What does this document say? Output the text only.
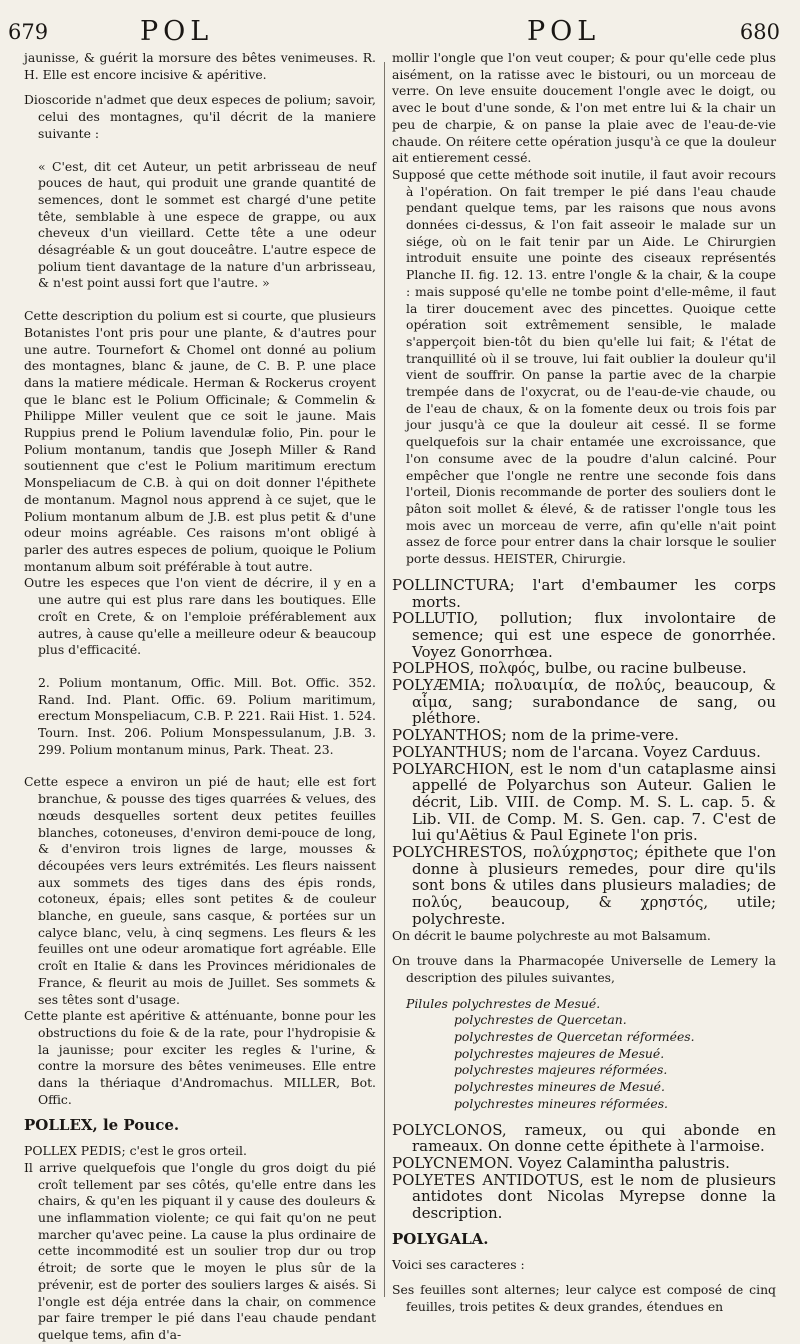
679	POL	POL	680

jaunisse, & guérit la morsure des bêtes venimeuses. R. H. Elle est encore incisive & apéritive.

Dioscoride n'admet que deux especes de polium; savoir, celui des montagnes, qu'il décrit de la maniere suivante :

« C'est, dit cet Auteur, un petit arbrisseau de neuf pouces de haut, qui produit une grande quantité de semences, dont le sommet est chargé d'une petite tête, semblable à une espece de grappe, ou aux cheveux d'un vieillard. Cette tête a une odeur désagréable & un gout douceâtre. L'autre espece de polium tient davantage de la nature d'un arbrisseau, & n'est point aussi fort que l'autre. »

Cette description du polium est si courte, que plusieurs Botanistes l'ont pris pour une plante, & d'autres pour une autre. Tournefort & Chomel ont donné au polium des montagnes, blanc & jaune, de C. B. P. une place dans la matiere médicale. Herman & Rockerus croyent que le blanc est le Polium Officinale; & Commelin & Philippe Miller veulent que ce soit le jaune. Mais Ruppius prend le Polium lavendulæ folio, Pin. pour le Polium montanum, tandis que Joseph Miller & Rand soutiennent que c'est le Polium maritimum erectum Monspeliacum de C.B. à qui on doit donner l'épithete de montanum. Magnol nous apprend à ce sujet, que le Polium montanum album de J.B. est plus petit & d'une odeur moins agréable. Ces raisons m'ont obligé à parler des autres especes de polium, quoique le Polium montanum album soit préférable à tout autre.

Outre les especes que l'on vient de décrire, il y en a une autre qui est plus rare dans les boutiques. Elle croît en Crete, & on l'emploie préférablement aux autres, à cause qu'elle a meilleure odeur & beaucoup plus d'efficacité.

2. Polium montanum, Offic. Mill. Bot. Offic. 352. Rand. Ind. Plant. Offic. 69. Polium maritimum, erectum Monspeliacum, C.B. P. 221. Raii Hist. 1. 524. Tourn. Inst. 206. Polium Monspessulanum, J.B. 3. 299. Polium montanum minus, Park. Theat. 23.

Cette espece a environ un pié de haut; elle est fort branchue, & pousse des tiges quarrées & velues, des nœuds desquelles sortent deux petites feuilles blanches, cotoneuses, d'environ demi-pouce de long, & d'environ trois lignes de large, mousses & découpées vers leurs extrémités. Les fleurs naissent aux sommets des tiges dans des épis ronds, cotoneux, épais; elles sont petites & de couleur blanche, en gueule, sans casque, & portées sur un calyce blanc, velu, à cinq segmens. Les fleurs & les feuilles ont une odeur aromatique fort agréable. Elle croît en Italie & dans les Provinces méridionales de France, & fleurit au mois de Juillet. Ses sommets & ses têtes sont d'usage.

Cette plante est apéritive & atténuante, bonne pour les obstructions du foie & de la rate, pour l'hydropisie & la jaunisse; pour exciter les regles & l'urine, & contre la morsure des bêtes venimeuses. Elle entre dans la thériaque d'Andromachus. MILLER, Bot. Offic.

POLLEX, le Pouce.

POLLEX PEDIS; c'est le gros orteil.

Il arrive quelquefois que l'ongle du gros doigt du pié croît tellement par ses côtés, qu'elle entre dans les chairs, & qu'en les piquant il y cause des douleurs & une inflammation violente; ce qui fait qu'on ne peut marcher qu'avec peine. La cause la plus ordinaire de cette incommodité est un soulier trop dur ou trop étroit; de sorte que le moyen le plus sûr de la prévenir, est de porter des souliers larges & aisés. Si l'ongle est déja entrée dans la chair, on commence par faire tremper le pié dans l'eau chaude pendant quelque tems, afin d'a-

mollir l'ongle que l'on veut couper; & pour qu'elle cede plus aisément, on la ratisse avec le bistouri, ou un morceau de verre. On leve ensuite doucement l'ongle avec le doigt, ou avec le bout d'une sonde, & l'on met entre lui & la chair un peu de charpie, & on panse la plaie avec de l'eau-de-vie chaude. On réitere cette opération jusqu'à ce que la douleur ait entierement cessé.

Supposé que cette méthode soit inutile, il faut avoir recours à l'opération. On fait tremper le pié dans l'eau chaude pendant quelque tems, par les raisons que nous avons données ci-dessus, & l'on fait asseoir le malade sur un siége, où on le fait tenir par un Aide. Le Chirurgien introduit ensuite une pointe des ciseaux représentés Planche II. fig. 12. 13. entre l'ongle & la chair, & la coupe : mais supposé qu'elle ne tombe point d'elle-même, il faut la tirer doucement avec des pincettes. Quoique cette opération soit extrêmement sensible, le malade s'apperçoit bien-tôt du bien qu'elle lui fait; & l'état de tranquillité où il se trouve, lui fait oublier la douleur qu'il vient de souffrir. On panse la partie avec de la charpie trempée dans de l'oxycrat, ou de l'eau-de-vie chaude, ou de l'eau de chaux, & on la fomente deux ou trois fois par jour jusqu'à ce que la douleur ait cessé. Il se forme quelquefois sur la chair entamée une excroissance, que l'on consume avec de la poudre d'alun calciné. Pour empêcher que l'ongle ne rentre une seconde fois dans l'orteil, Dionis recommande de porter des souliers dont le pâton soit mollet & élevé, & de ratisser l'ongle tous les mois avec un morceau de verre, afin qu'elle n'ait point assez de force pour entrer dans la chair lorsque le soulier porte dessus. HEISTER, Chirurgie.

POLLINCTURA; l'art d'embaumer les corps morts.

POLLUTIO, pollution; flux involontaire de semence; qui est une espece de gonorrhée. Voyez Gonorrhœa.

POLPHOS, πολφός, bulbe, ou racine bulbeuse.

POLYÆMIA; πολυαιμία, de πολύς, beaucoup, & αἷμα, sang; surabondance de sang, ou pléthore.

POLYANTHOS; nom de la prime-vere.

POLYANTHUS; nom de l'arcana. Voyez Carduus.

POLYARCHION, est le nom d'un cataplasme ainsi appellé de Polyarchus son Auteur. Galien le décrit, Lib. VIII. de Comp. M. S. L. cap. 5. & Lib. VII. de Comp. M. S. Gen. cap. 7. C'est de lui qu'Aëtius & Paul Eginete l'on pris.

POLYCHRESTOS, πολύχρηστος; épithete que l'on donne à plusieurs remedes, pour dire qu'ils sont bons & utiles dans plusieurs maladies; de πολύς, beaucoup, & χρηστός, utile; polychreste.

On décrit le baume polychreste au mot Balsamum.

On trouve dans la Pharmacopée Universelle de Lemery la description des pilules suivantes,

Pilules polychrestes de Mesué.
polychrestes de Quercetan.
polychrestes de Quercetan réformées.
polychrestes majeures de Mesué.
polychrestes majeures réformées.
polychrestes mineures de Mesué.
polychrestes mineures réformées.

POLYCLONOS, rameux, ou qui abonde en rameaux. On donne cette épithete à l'armoise.

POLYCNEMON. Voyez Calamintha palustris.

POLYETES ANTIDOTUS, est le nom de plusieurs antidotes dont Nicolas Myrepse donne la description.

POLYGALA.

Voici ses caracteres :

Ses feuilles sont alternes; leur calyce est composé de cinq feuilles, trois petites & deux grandes, étendues en
